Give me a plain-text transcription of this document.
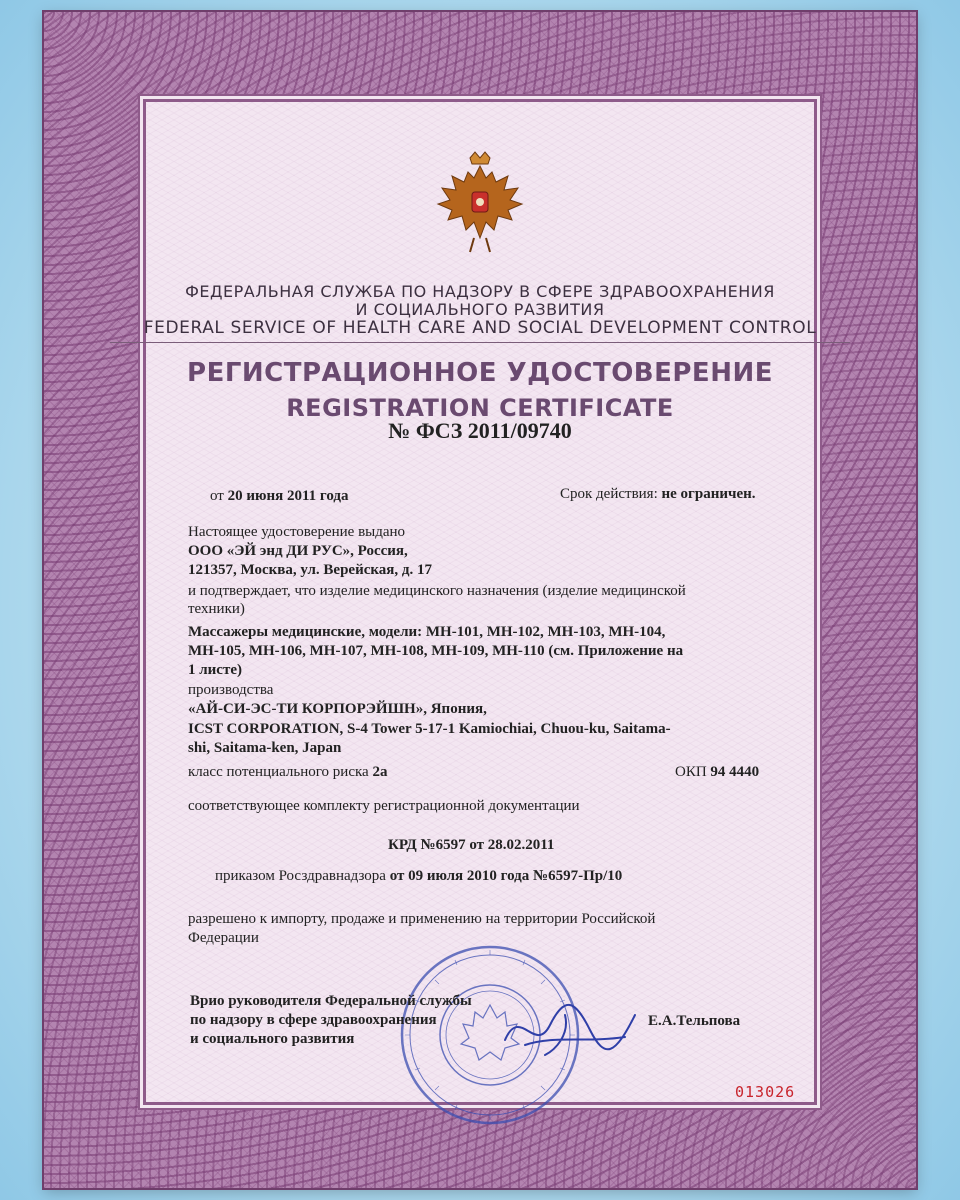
ФЕДЕРАЛЬНАЯ СЛУЖБА ПО НАДЗОРУ В СФЕРЕ ЗДРАВООХРАНЕНИЯ
И СОЦИАЛЬНОГО РАЗВИТИЯ
FEDERAL SERVICE OF HEALTH CARE AND SOCIAL DEVELOPMENT CONTROL
РЕГИСТРАЦИОННОЕ УДОСТОВЕРЕНИЕ
REGISTRATION CERTIFICATE
№ ФСЗ 2011/09740
от 20 июня 2011 года	Срок действия: не ограничен.
Настоящее удостоверение выдано
ООО «ЭЙ энд ДИ РУС», Россия,
121357, Москва, ул. Верейская, д. 17
и подтверждает, что изделие медицинского назначения (изделие медицинской
техники)
Массажеры медицинские, модели: МН-101, МН-102, МН-103, МН-104,
МН-105, МН-106, МН-107, МН-108, МН-109, МН-110 (см. Приложение на
1 листе)
производства
«АЙ-СИ-ЭС-ТИ КОРПОРЭЙШН», Япония,
ICST CORPORATION, S-4 Tower 5-17-1 Kamiochiai, Chuou-ku, Saitama-
shi, Saitama-ken, Japan
класс потенциального риска 2а	ОКП 94 4440
соответствующее комплекту регистрационной документации
КРД №6597 от 28.02.2011
приказом Росздравнадзора от 09 июля 2010 года №6597-Пр/10
разрешено к импорту, продаже и применению на территории Российской
Федерации
Врио руководителя Федеральной службы
по надзору в сфере здравоохранения
и социального развития
Е.А.Тельпова
013026
